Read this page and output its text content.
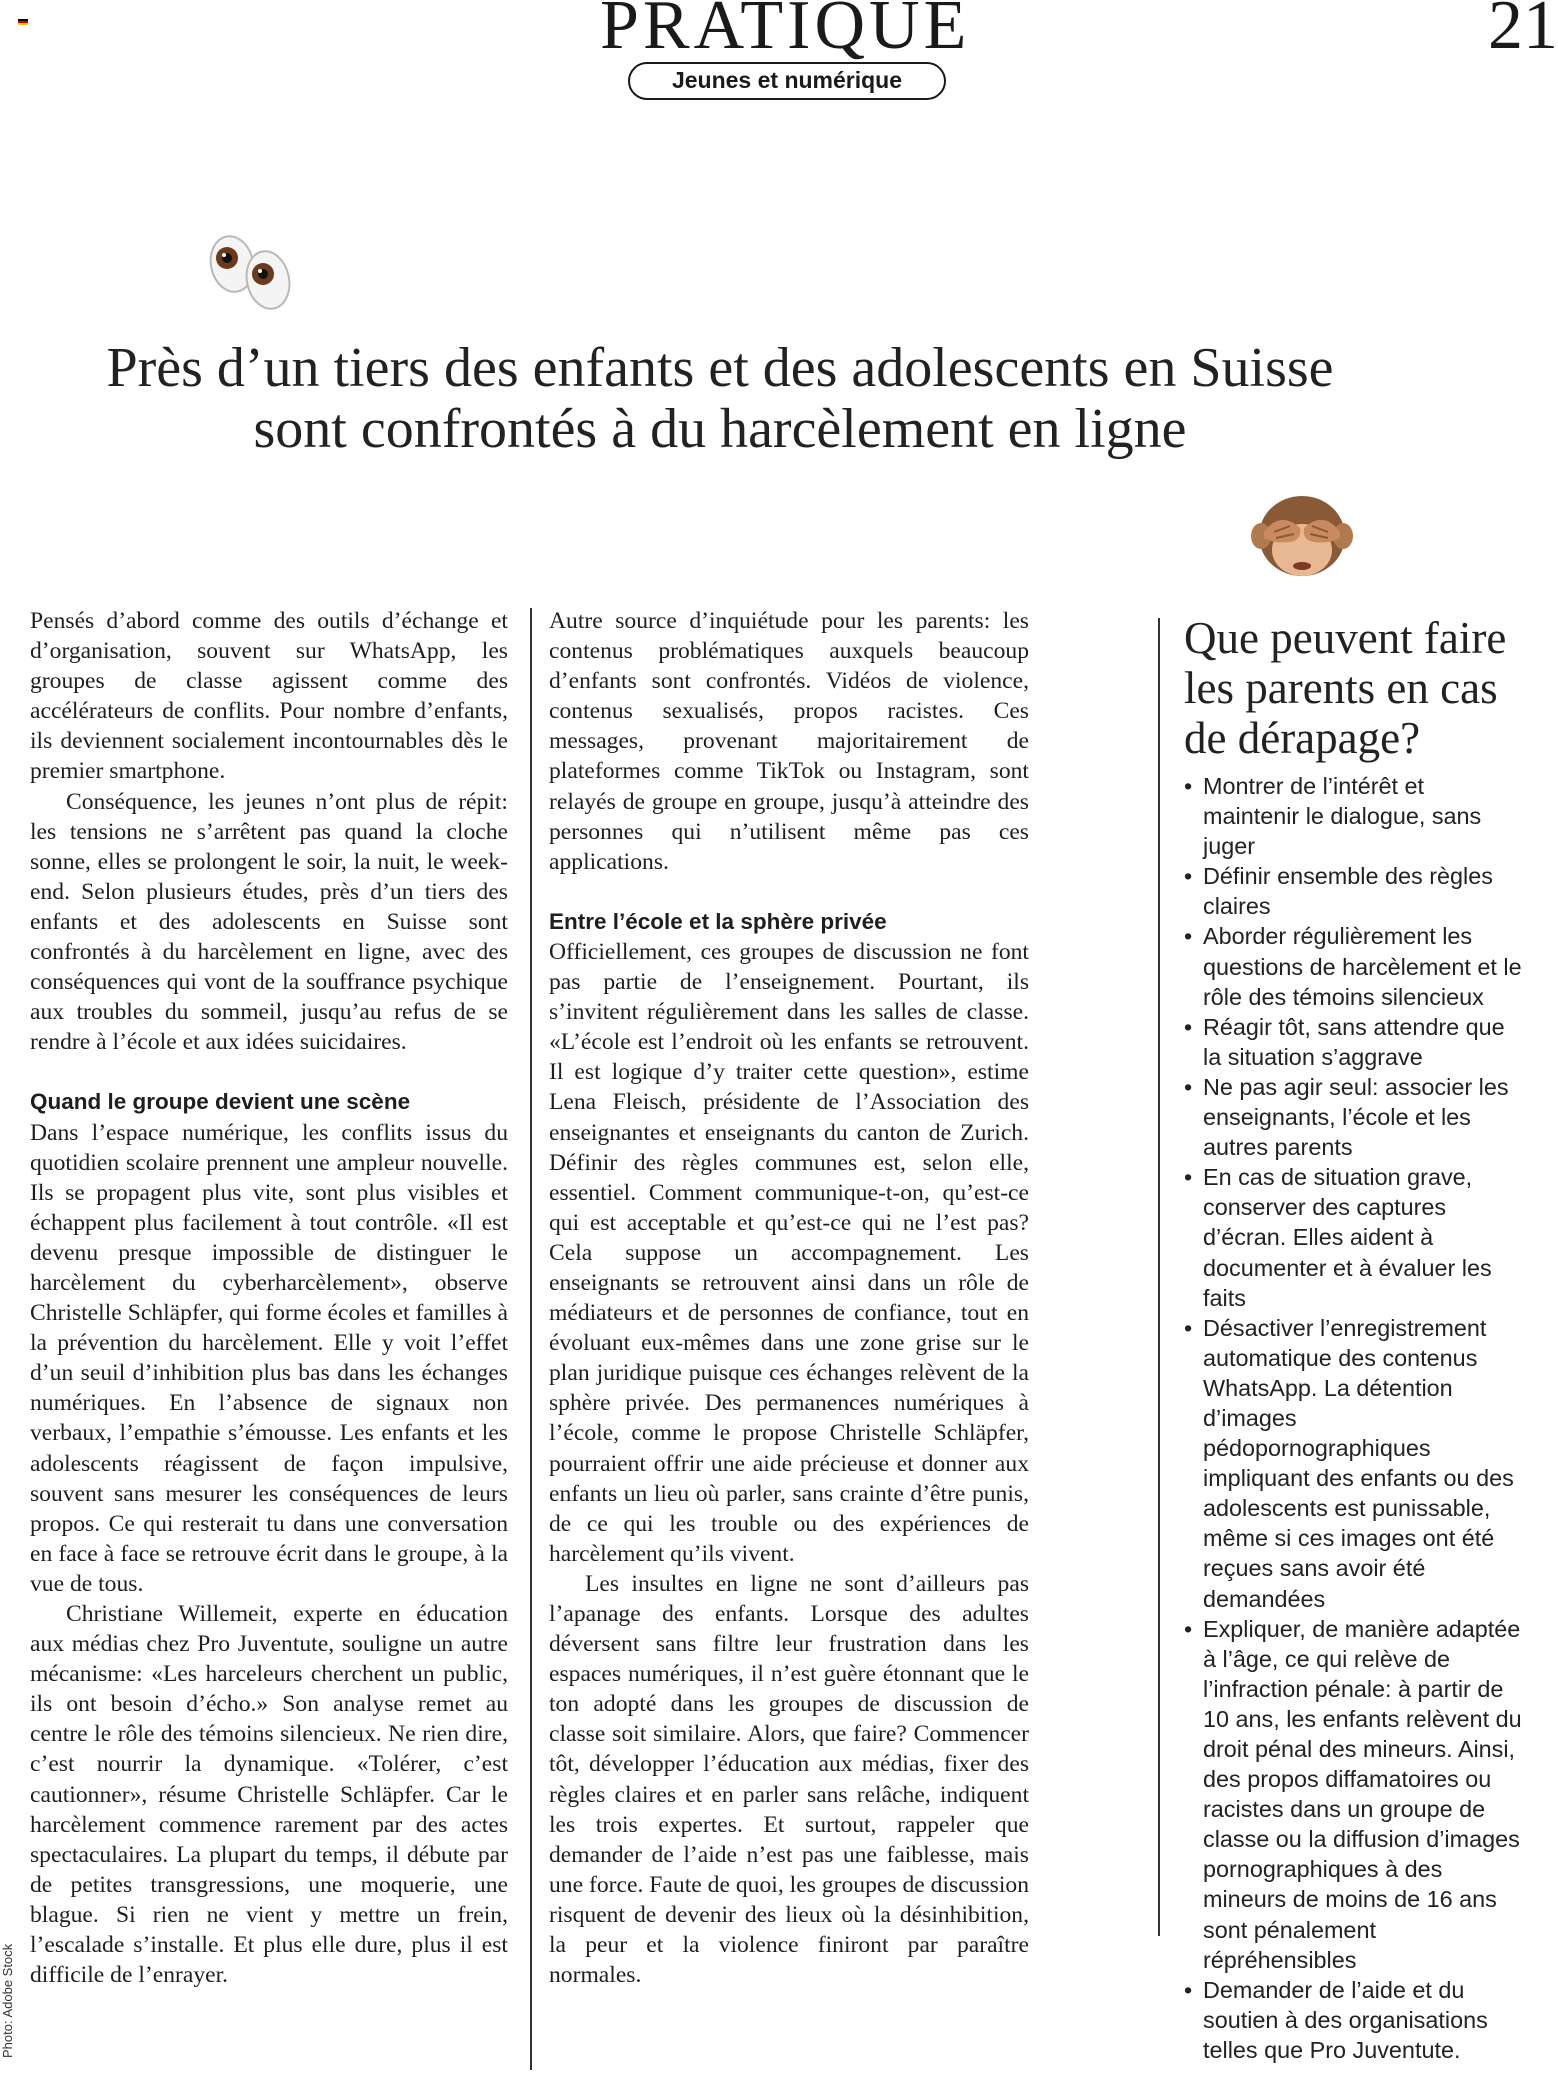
PRATIQUE	21
Jeunes et numérique
Près d’un tiers des enfants et des adolescents en Suisse sont confrontés à du harcèlement en ligne

Pensés d’abord comme des outils d’échange et d’organisation, souvent sur WhatsApp, les groupes de classe agissent comme des accélérateurs de conflits. Pour nombre d’enfants, ils deviennent socialement incontournables dès le premier smartphone.

Conséquence, les jeunes n’ont plus de répit: les tensions ne s’arrêtent pas quand la cloche sonne, elles se prolongent le soir, la nuit, le week-end. Selon plusieurs études, près d’un tiers des enfants et des adolescents en Suisse sont confrontés à du harcèlement en ligne, avec des conséquences qui vont de la souffrance psychique aux troubles du sommeil, jusqu’au refus de se rendre à l’école et aux idées suicidaires.

Quand le groupe devient une scène

Dans l’espace numérique, les conflits issus du quotidien scolaire prennent une ampleur nouvelle. Ils se propagent plus vite, sont plus visibles et échappent plus facilement à tout contrôle. «Il est devenu presque impossible de distinguer le harcèlement du cyberharcèlement», observe Christelle Schläpfer, qui forme écoles et familles à la prévention du harcèlement. Elle y voit l’effet d’un seuil d’inhibition plus bas dans les échanges numériques. En l’absence de signaux non verbaux, l’empathie s’émousse. Les enfants et les adolescents réagissent de façon impulsive, souvent sans mesurer les conséquences de leurs propos. Ce qui resterait tu dans une conversation en face à face se retrouve écrit dans le groupe, à la vue de tous.

Christiane Willemeit, experte en éducation aux médias chez Pro Juventute, souligne un autre mécanisme: «Les harceleurs cherchent un public, ils ont besoin d’écho.» Son analyse remet au centre le rôle des témoins silencieux. Ne rien dire, c’est nourrir la dynamique. «Tolérer, c’est cautionner», résume Christelle Schläpfer. Car le harcèlement commence rarement par des actes spectaculaires. La plupart du temps, il débute par de petites transgressions, une moquerie, une blague. Si rien ne vient y mettre un frein, l’escalade s’installe. Et plus elle dure, plus il est difficile de l’enrayer.

Autre source d’inquiétude pour les parents: les contenus problématiques auxquels beaucoup d’enfants sont confrontés. Vidéos de violence, contenus sexualisés, propos racistes. Ces messages, provenant majoritairement de plateformes comme TikTok ou Instagram, sont relayés de groupe en groupe, jusqu’à atteindre des personnes qui n’utilisent même pas ces applications.

Entre l’école et la sphère privée

Officiellement, ces groupes de discussion ne font pas partie de l’enseignement. Pourtant, ils s’invitent régulièrement dans les salles de classe. «L’école est l’endroit où les enfants se retrouvent. Il est logique d’y traiter cette question», estime Lena Fleisch, présidente de l’Association des enseignantes et enseignants du canton de Zurich. Définir des règles communes est, selon elle, essentiel. Comment communique-t-on, qu’est-ce qui est acceptable et qu’est-ce qui ne l’est pas? Cela suppose un accompagnement. Les enseignants se retrouvent ainsi dans un rôle de médiateurs et de personnes de confiance, tout en évoluant eux-mêmes dans une zone grise sur le plan juridique puisque ces échanges relèvent de la sphère privée. Des permanences numériques à l’école, comme le propose Christelle Schläpfer, pourraient offrir une aide précieuse et donner aux enfants un lieu où parler, sans crainte d’être punis, de ce qui les trouble ou des expériences de harcèlement qu’ils vivent.

Les insultes en ligne ne sont d’ailleurs pas l’apanage des enfants. Lorsque des adultes déversent sans filtre leur frustration dans les espaces numériques, il n’est guère étonnant que le ton adopté dans les groupes de discussion de classe soit similaire. Alors, que faire? Commencer tôt, développer l’éducation aux médias, fixer des règles claires et en parler sans relâche, indiquent les trois expertes. Et surtout, rappeler que demander de l’aide n’est pas une faiblesse, mais une force. Faute de quoi, les groupes de discussion risquent de devenir des lieux où la désinhibition, la peur et la violence finiront par paraître normales.

Que peuvent faire les parents en cas de dérapage?
• Montrer de l’intérêt et maintenir le dialogue, sans juger
• Définir ensemble des règles claires
• Aborder régulièrement les questions de harcèlement et le rôle des témoins silencieux
• Réagir tôt, sans attendre que la situation s’aggrave
• Ne pas agir seul: associer les enseignants, l’école et les autres parents
• En cas de situation grave, conserver des captures d’écran. Elles aident à documenter et à évaluer les faits
• Désactiver l’enregistrement automatique des contenus WhatsApp. La détention d’images pédopornographiques impliquant des enfants ou des adolescents est punissable, même si ces images ont été reçues sans avoir été demandées
• Expliquer, de manière adaptée à l’âge, ce qui relève de l’infraction pénale: à partir de 10 ans, les enfants relèvent du droit pénal des mineurs. Ainsi, des propos diffamatoires ou racistes dans un groupe de classe ou la diffusion d’images pornographiques à des mineurs de moins de 16 ans sont pénalement répréhensibles
• Demander de l’aide et du soutien à des organisations telles que Pro Juventute.
Photo: Adobe Stock
